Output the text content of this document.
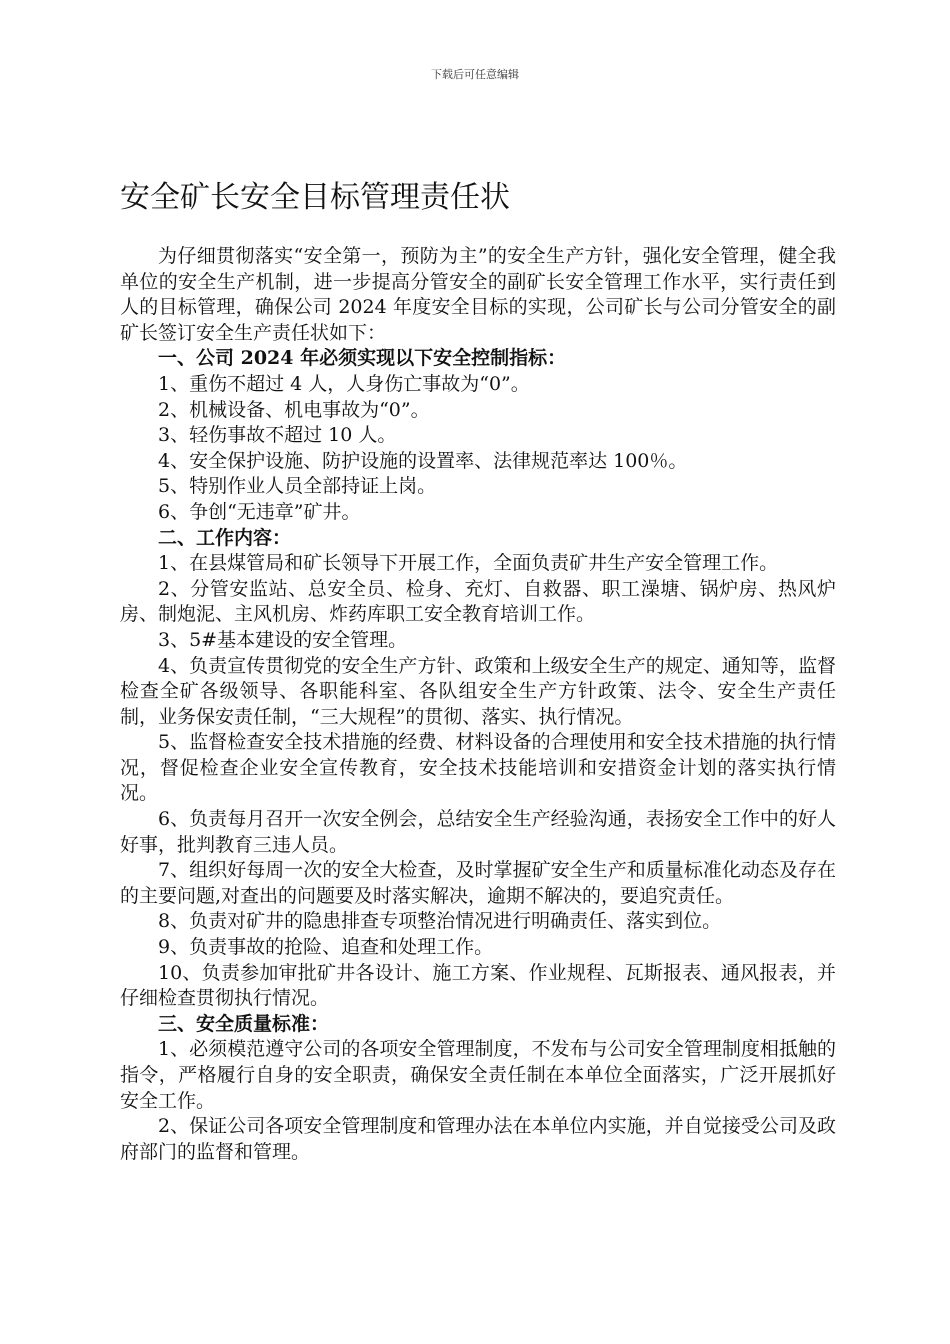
下载后可任意编辑
安全矿长安全目标管理责任状

为仔细贯彻落实“安全第一，预防为主”的安全生产方针，强化安全管理，健全我单位的安全生产机制，进一步提高分管安全的副矿长安全管理工作水平，实行责任到人的目标管理，确保公司 2024 年度安全目标的实现，公司矿长与公司分管安全的副矿长签订安全生产责任状如下：

一、公司 2024 年必须实现以下安全控制指标：

1、重伤不超过 4 人，人身伤亡事故为“0”。

2、机械设备、机电事故为“0”。

3、轻伤事故不超过 10 人。

4、安全保护设施、防护设施的设置率、法律规范率达 100％。

5、特别作业人员全部持证上岗。

6、争创“无违章”矿井。

二、工作内容：

1、在县煤管局和矿长领导下开展工作，全面负责矿井生产安全管理工作。

2、分管安监站、总安全员、检身、充灯、自救器、职工澡塘、锅炉房、热风炉房、制炮泥、主风机房、炸药库职工安全教育培训工作。

3、5#基本建设的安全管理。

4、负责宣传贯彻党的安全生产方针、政策和上级安全生产的规定、通知等，监督检查全矿各级领导、各职能科室、各队组安全生产方针政策、法令、安全生产责任制，业务保安责任制，“三大规程”的贯彻、落实、执行情况。

5、监督检查安全技术措施的经费、材料设备的合理使用和安全技术措施的执行情况，督促检查企业安全宣传教育，安全技术技能培训和安措资金计划的落实执行情况。

6、负责每月召开一次安全例会，总结安全生产经验沟通，表扬安全工作中的好人好事，批判教育三违人员。

7、组织好每周一次的安全大检查，及时掌握矿安全生产和质量标准化动态及存在的主要问题,对查出的问题要及时落实解决，逾期不解决的，要追究责任。

8、负责对矿井的隐患排查专项整治情况进行明确责任、落实到位。

9、负责事故的抢险、追查和处理工作。

10、负责参加审批矿井各设计、施工方案、作业规程、瓦斯报表、通风报表，并仔细检查贯彻执行情况。

三、安全质量标准：

1、必须模范遵守公司的各项安全管理制度，不发布与公司安全管理制度相抵触的指令，严格履行自身的安全职责，确保安全责任制在本单位全面落实，广泛开展抓好安全工作。

2、保证公司各项安全管理制度和管理办法在本单位内实施，并自觉接受公司及政府部门的监督和管理。
